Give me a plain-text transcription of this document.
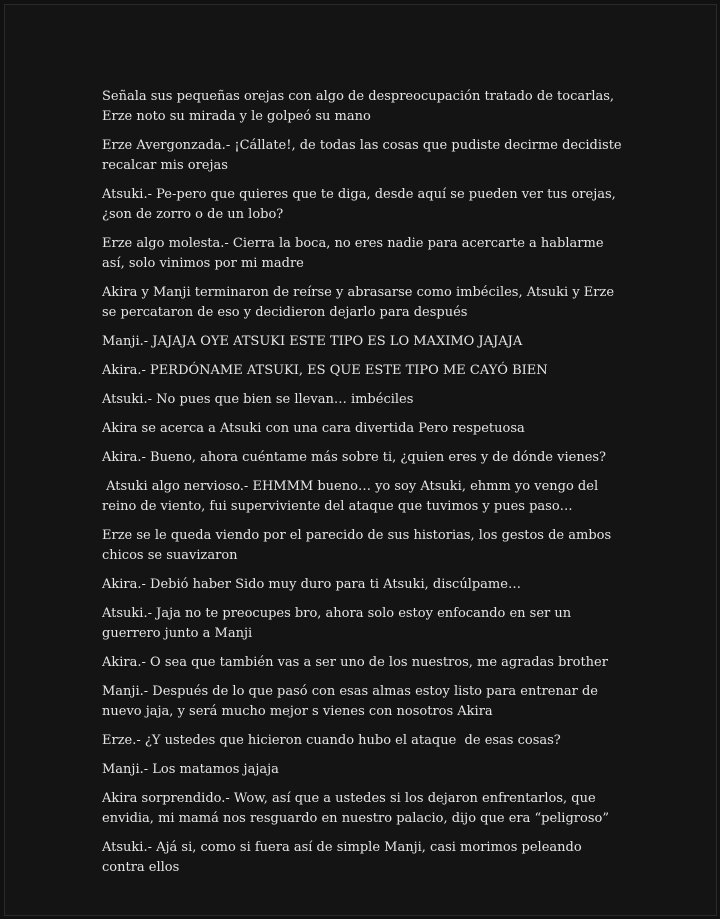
Señala sus pequeñas orejas con algo de despreocupación tratado de tocarlas, Erze noto su mirada y le golpeó su mano

Erze Avergonzada.- ¡Cállate!, de todas las cosas que pudiste decirme decidiste recalcar mis orejas

Atsuki.- Pe-pero que quieres que te diga, desde aquí se pueden ver tus orejas, ¿son de zorro o de un lobo?

Erze algo molesta.- Cierra la boca, no eres nadie para acercarte a hablarme así, solo vinimos por mi madre

Akira y Manji terminaron de reírse y abrasarse como imbéciles, Atsuki y Erze se percataron de eso y decidieron dejarlo para después

Manji.- JAJAJA OYE ATSUKI ESTE TIPO ES LO MAXIMO JAJAJA

Akira.- PERDÓNAME ATSUKI, ES QUE ESTE TIPO ME CAYÓ BIEN

Atsuki.- No pues que bien se llevan… imbéciles

Akira se acerca a Atsuki con una cara divertida Pero respetuosa

Akira.- Bueno, ahora cuéntame más sobre ti, ¿quien eres y de dónde vienes?

Atsuki algo nervioso.- EHMMM bueno… yo soy Atsuki, ehmm yo vengo del reino de viento, fui superviviente del ataque que tuvimos y pues paso…

Erze se le queda viendo por el parecido de sus historias, los gestos de ambos chicos se suavizaron

Akira.- Debió haber Sido muy duro para ti Atsuki, discúlpame…

Atsuki.- Jaja no te preocupes bro, ahora solo estoy enfocando en ser un guerrero junto a Manji

Akira.- O sea que también vas a ser uno de los nuestros, me agradas brother

Manji.- Después de lo que pasó con esas almas estoy listo para entrenar de nuevo jaja, y será mucho mejor s vienes con nosotros Akira

Erze.- ¿Y ustedes que hicieron cuando hubo el ataque  de esas cosas?

Manji.- Los matamos jajaja

Akira sorprendido.- Wow, así que a ustedes si los dejaron enfrentarlos, que envidia, mi mamá nos resguardo en nuestro palacio, dijo que era “peligroso”

Atsuki.- Ajá si, como si fuera así de simple Manji, casi morimos peleando contra ellos
